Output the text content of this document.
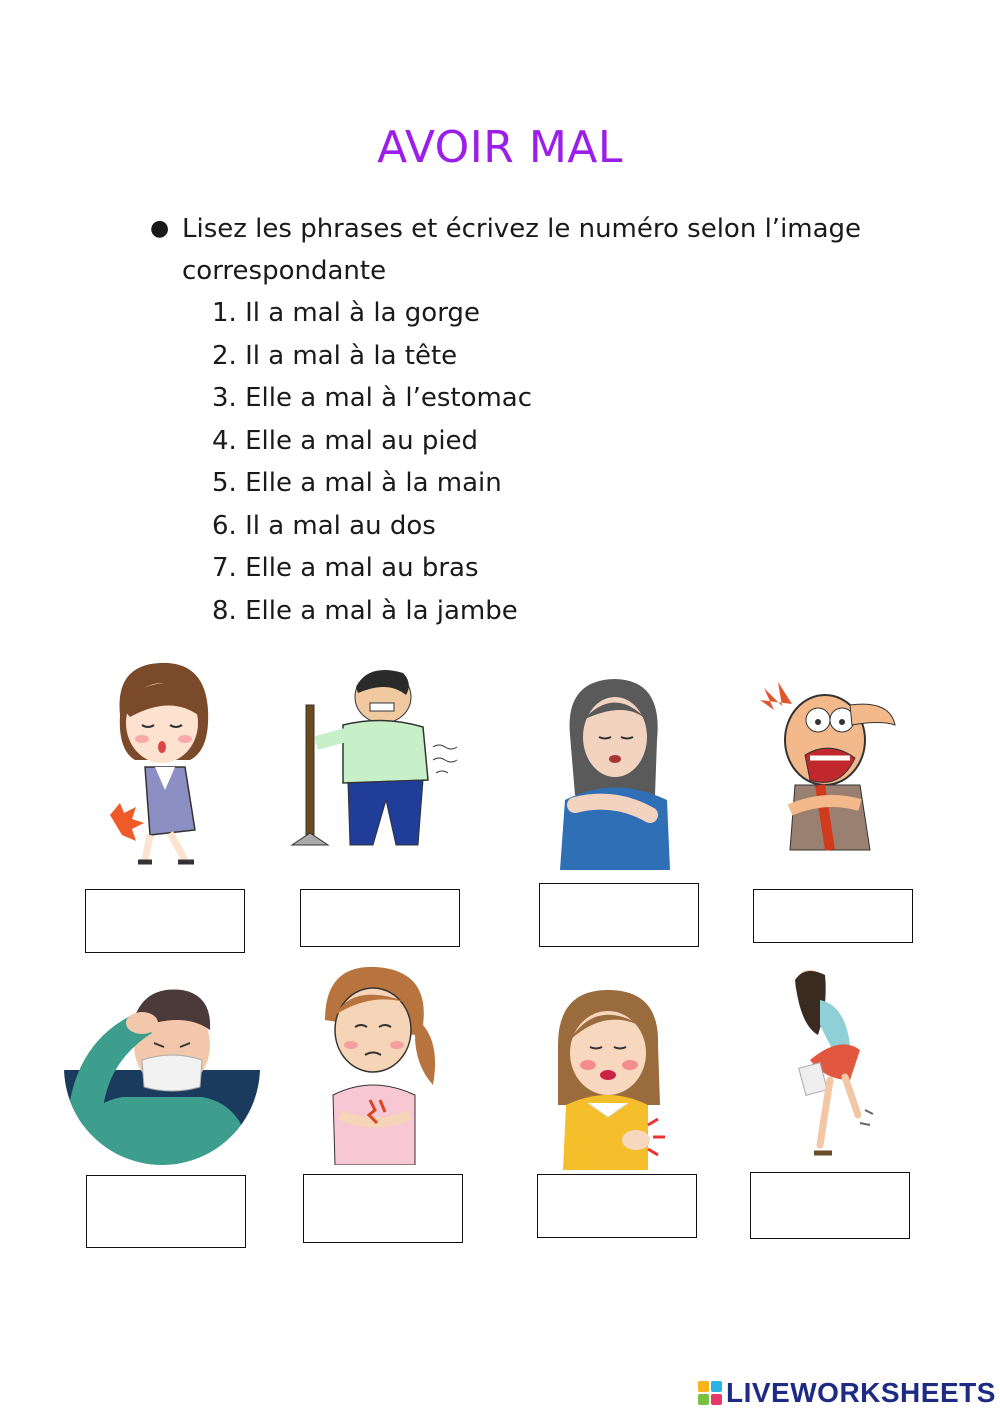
AVOIR MAL
● Lisez les phrases et écrivez le numéro selon l’image correspondante
1. Il a mal à la gorge
2. Il a mal à la tête
3. Elle a mal à l’estomac
4. Elle a mal au pied
5. Elle a mal à la main
6. Il a mal au dos
7. Elle a mal au bras
8. Elle a mal à la jambe
LIVEWORKSHEETS
